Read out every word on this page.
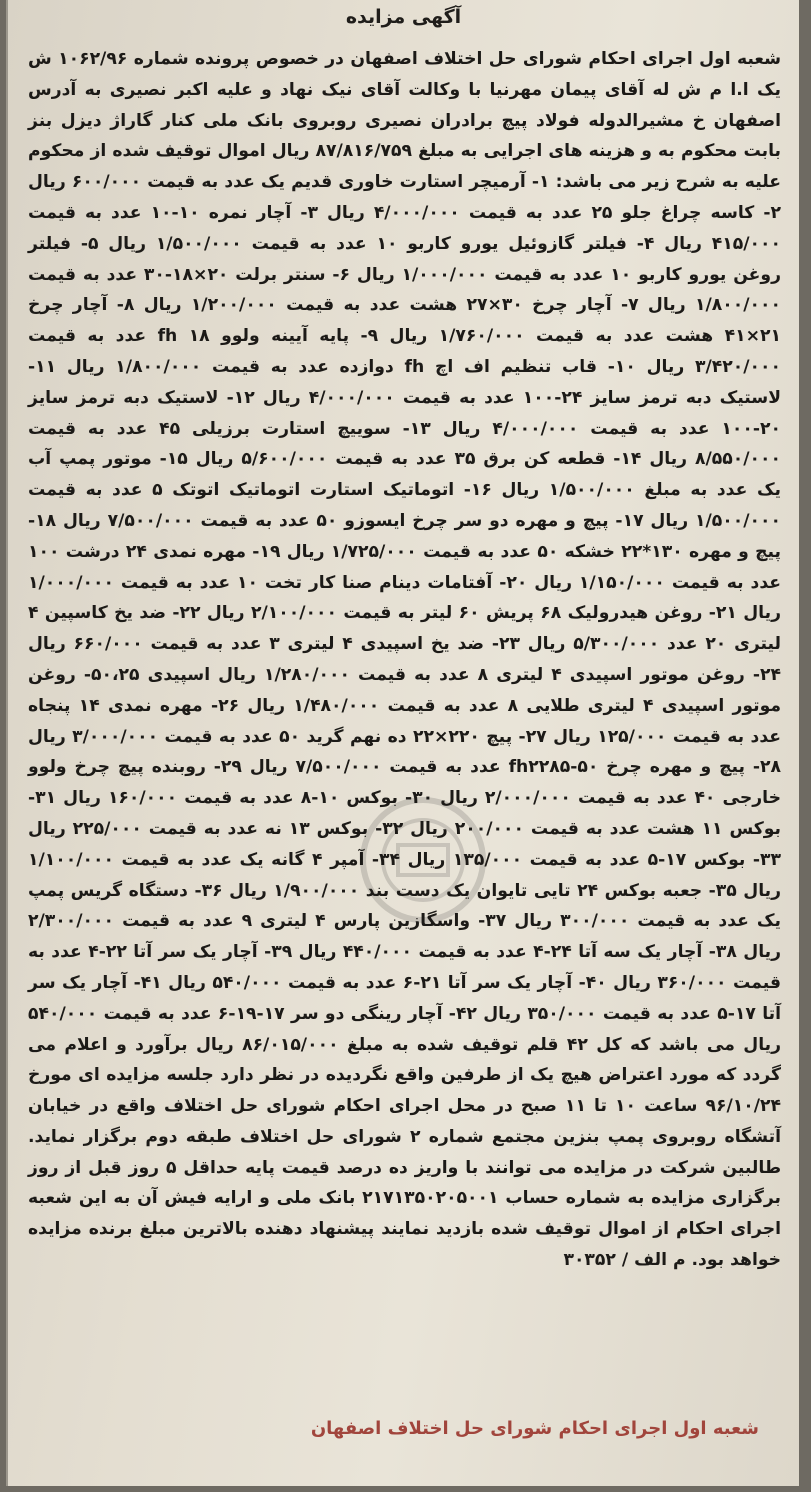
آگهی مزایده
شعبه اول اجرای احکام شورای حل اختلاف اصفهان در خصوص پرونده شماره ۱۰۶۲/۹۶ ش یک ا.ا م ش له آقای پیمان مهرنیا با وکالت آقای نیک نهاد و علیه اکبر نصیری به آدرس اصفهان خ مشیرالدوله فولاد پیچ برادران نصیری روبروی بانک ملی کنار گاراژ دیزل بنز بابت محکوم به و هزینه های اجرایی به مبلغ ۸۷/۸۱۶/۷۵۹ ریال اموال توقیف شده از محکوم علیه به شرح زیر می باشد: ۱- آرمیچر استارت خاوری قدیم یک عدد به قیمت ۶۰۰/۰۰۰ ریال ۲- کاسه چراغ جلو ۲۵ عدد به قیمت ۴/۰۰۰/۰۰۰ ریال ۳- آچار نمره ۱۰-۱۰ عدد به قیمت ۴۱۵/۰۰۰ ریال ۴- فیلتر گازوئیل یورو کاربو ۱۰ عدد به قیمت ۱/۵۰۰/۰۰۰ ریال ۵- فیلتر روغن یورو کاربو ۱۰ عدد به قیمت ۱/۰۰۰/۰۰۰ ریال ۶- سنتر برلت ۲۰×۱۸-۳۰ عدد به قیمت ۱/۸۰۰/۰۰۰ ریال ۷- آچار چرخ ۳۰×۲۷ هشت عدد به قیمت ۱/۲۰۰/۰۰۰ ریال ۸- آچار چرخ ۲۱×۴۱ هشت عدد به قیمت ۱/۷۶۰/۰۰۰ ریال ۹- پایه آیینه ولوو fh ۱۸ عدد به قیمت ۳/۴۲۰/۰۰۰ ریال ۱۰- قاب تنظیم اف اچ fh دوازده عدد به قیمت ۱/۸۰۰/۰۰۰ ریال ۱۱- لاستیک دبه ترمز سایز ۲۴-۱۰۰ عدد به قیمت ۴/۰۰۰/۰۰۰ ریال ۱۲- لاستیک دبه ترمز سایز ۲۰-۱۰۰ عدد به قیمت ۴/۰۰۰/۰۰۰ ریال ۱۳- سوییچ استارت برزیلی ۴۵ عدد به قیمت ۸/۵۵۰/۰۰۰ ریال ۱۴- قطعه کن برق ۳۵ عدد به قیمت ۵/۶۰۰/۰۰۰ ریال ۱۵- موتور پمپ آب یک عدد به مبلغ ۱/۵۰۰/۰۰۰ ریال ۱۶- اتوماتیک استارت اتوماتیک اتوتک ۵ عدد به قیمت ۱/۵۰۰/۰۰۰ ریال ۱۷- پیچ و مهره دو سر چرخ ایسوزو ۵۰ عدد به قیمت ۷/۵۰۰/۰۰۰ ریال ۱۸- پیچ و مهره ۱۳۰*۲۲ خشکه ۵۰ عدد به قیمت ۱/۷۲۵/۰۰۰ ریال ۱۹- مهره نمدی ۲۴ درشت ۱۰۰ عدد به قیمت ۱/۱۵۰/۰۰۰ ریال ۲۰- آفتامات دینام صنا کار تخت ۱۰ عدد به قیمت ۱/۰۰۰/۰۰۰ ریال ۲۱- روغن هیدرولیک ۶۸ پریش ۶۰ لیتر به قیمت ۲/۱۰۰/۰۰۰ ریال ۲۲- ضد یخ کاسپین ۴ لیتری ۲۰ عدد ۵/۳۰۰/۰۰۰ ریال ۲۳- ضد یخ اسپیدی ۴ لیتری ۳ عدد به قیمت ۶۶۰/۰۰۰ ریال ۲۴- روغن موتور اسپیدی ۴ لیتری ۸ عدد به قیمت ۱/۲۸۰/۰۰۰ ریال اسپیدی ۵۰،۲۵- روغن موتور اسپیدی ۴ لیتری طلایی ۸ عدد به قیمت ۱/۴۸۰/۰۰۰ ریال ۲۶- مهره نمدی ۱۴ پنجاه عدد به قیمت ۱۲۵/۰۰۰ ریال ۲۷- پیچ ۲۲۰×۲۲ ده نهم گرید ۵۰ عدد به قیمت ۳/۰۰۰/۰۰۰ ریال ۲۸- پیچ و مهره چرخ fh۲۲۸۵-۵۰ عدد به قیمت ۷/۵۰۰/۰۰۰ ریال ۲۹- روبنده پیچ چرخ ولوو خارجی ۴۰ عدد به قیمت ۲/۰۰۰/۰۰۰ ریال ۳۰- بوکس ۱۰-۸ عدد به قیمت ۱۶۰/۰۰۰ ریال ۳۱- بوکس ۱۱ هشت عدد به قیمت ۲۰۰/۰۰۰ ریال ۳۲- بوکس ۱۳ نه عدد به قیمت ۲۲۵/۰۰۰ ریال ۳۳- بوکس ۱۷-۵ عدد به قیمت ۱۳۵/۰۰۰ ریال ۳۴- آمپر ۴ گانه یک عدد به قیمت ۱/۱۰۰/۰۰۰ ریال ۳۵- جعبه بوکس ۲۴ تایی تایوان یک دست بند ۱/۹۰۰/۰۰۰ ریال ۳۶- دستگاه گریس پمپ یک عدد به قیمت ۳۰۰/۰۰۰ ریال ۳۷- واسگازین پارس ۴ لیتری ۹ عدد به قیمت ۲/۳۰۰/۰۰۰ ریال ۳۸- آچار یک سه آتا ۲۴-۴ عدد به قیمت ۴۴۰/۰۰۰ ریال ۳۹- آچار یک سر آتا ۲۲-۴ عدد به قیمت ۳۶۰/۰۰۰ ریال ۴۰- آچار یک سر آتا ۲۱-۶ عدد به قیمت ۵۴۰/۰۰۰ ریال ۴۱- آچار یک سر آتا ۱۷-۵ عدد به قیمت ۳۵۰/۰۰۰ ریال ۴۲- آچار رینگی دو سر ۱۷-۱۹-۶ عدد به قیمت ۵۴۰/۰۰۰ ریال می باشد که کل ۴۲ قلم توقیف شده به مبلغ ۸۶/۰۱۵/۰۰۰ ریال برآورد و اعلام می گردد که مورد اعتراض هیچ یک از طرفین واقع نگردیده در نظر دارد جلسه مزایده ای مورخ ۹۶/۱۰/۲۴ ساعت ۱۰ تا ۱۱ صبح در محل اجرای احکام شورای حل اختلاف واقع در خیابان آتشگاه روبروی پمپ بنزین مجتمع شماره ۲ شورای حل اختلاف طبقه دوم برگزار نماید. طالبین شرکت در مزایده می توانند با واریز ده درصد قیمت پایه حداقل ۵ روز قبل از روز برگزاری مزایده به شماره حساب ۲۱۷۱۳۵۰۲۰۵۰۰۱ بانک ملی و ارایه فیش آن به این شعبه اجرای احکام از اموال توقیف شده بازدید نمایند پیشنهاد دهنده بالاترین مبلغ برنده مزایده خواهد بود. م الف / ۳۰۳۵۲
شعبه اول اجرای احکام شورای حل اختلاف اصفهان
